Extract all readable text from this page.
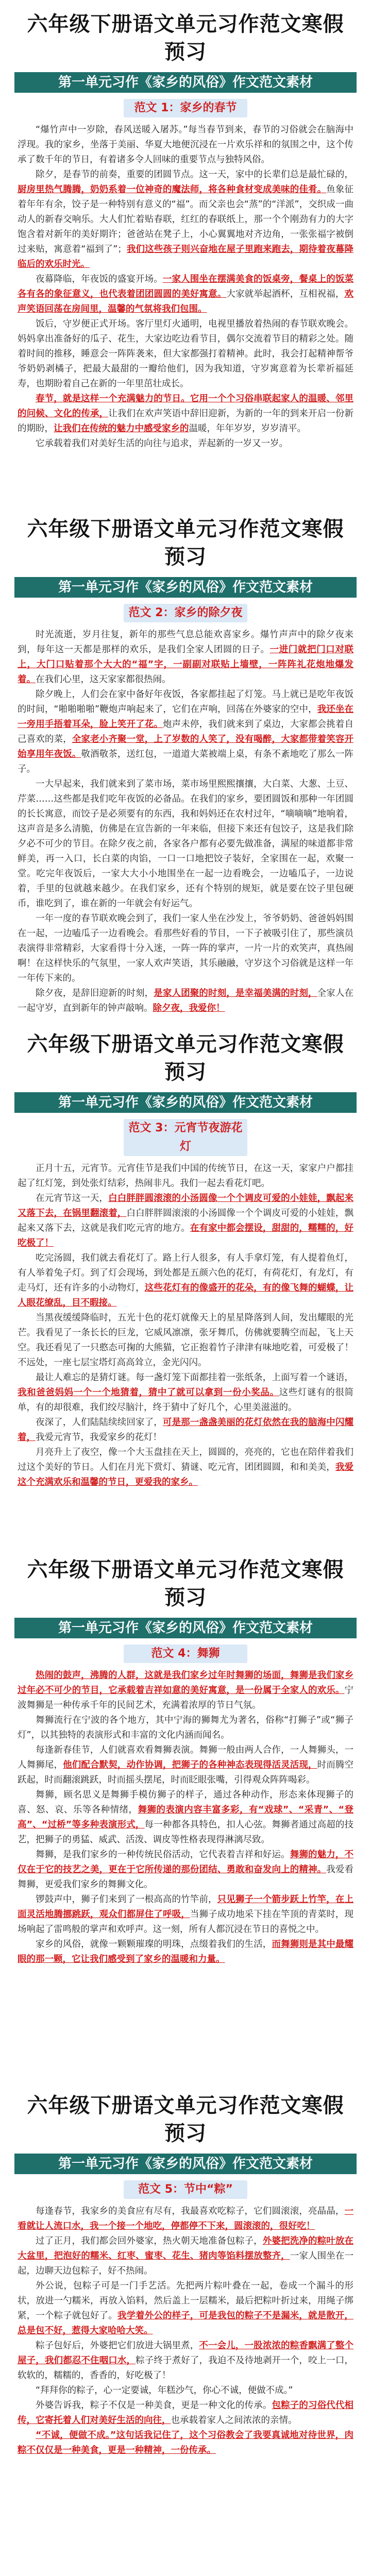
六年级下册语文单元习作范文寒假预习
第一单元习作《家乡的风俗》作文范文素材
范文 1：家乡的春节

“爆竹声中一岁除，春风送暖入屠苏。”每当春节到来，春节的习俗就会在脑海中浮现。我的家乡，坐落于美丽、华夏大地便沉浸在一片欢乐祥和的氛围之中，这个传承了数千年的节日，有着诸多令人回味的重要节点与独特风俗。

除夕，是春节的前奏，重要的团圆节点。这一天，家中的长辈们总是最忙碌的，厨房里热气腾腾，奶奶系着一位神奇的魔法师，将各种食材变成美味的佳肴。鱼象征着年年有余，饺子是一种特别有意义的“福”。而父亲也会“蒸”的“洋派”，交织成一曲动人的新春交响乐。大人们忙着贴春联，红红的春联纸上，那一个个刚劲有力的大字饱含着对新年的美好期许；爸爸站在凳子上，小心翼翼地对齐边角，一张张福字被倒过来贴，寓意着“福到了”；我们这些孩子则兴奋地在屋子里跑来跑去，期待着夜幕降临后的欢乐时光。

夜幕降临，年夜饭的盛宴开场。一家人围坐在摆满美食的饭桌旁，餐桌上的饭菜各有各的象征意义，也代表着团团圆圆的美好寓意。大家就举起酒杯，互相祝福，欢声笑语回荡在房间里，温馨的气氛将我们包围。

饭后，守岁便正式开场。客厅里灯火通明，电视里播放着热闹的春节联欢晚会。妈妈拿出准备好的瓜子、花生，大家边吃边看节目，偶尔交流着节目的精彩之处。随着时间的推移，睡意会一阵阵袭来，但大家都强打着精神。此时，我会打起精神帮爷爷奶奶剥橘子，把最大最甜的一瓣给他们，因为我知道，守岁寓意着为长辈祈福延寿，也期盼着自己在新的一年里茁壮成长。

春节，就是这样一个充满魅力的节日。它用一个个习俗串联起家人的温暖、邻里的问候、文化的传承，让我们在欢声笑语中辞旧迎新，为新的一年的到来开启一份新的期盼，让我们在传统的魅力中感受家乡的温暖，年年岁岁，岁岁清平。

它承载着我们对美好生活的向往与追求，弄起新的一岁又一岁。

六年级下册语文单元习作范文寒假预习
第一单元习作《家乡的风俗》作文范文素材
范文 2：家乡的除夕夜

时光流逝，岁月往复，新年的那些气息总能欢喜家乡。爆竹声声中的除夕夜来到，每年这一天都是那样的欢乐，是我们全家人团圆的日子。一进门就把门口对联上，大门口贴着那个大大的“福”字，一副副对联贴上墙壁，一阵阵礼花炮地爆发着。在我们心里，这天家家都很热闹。

除夕晚上，人们会在家中备好年夜饭，各家都挂起了灯笼。马上就已是吃年夜饭的时间，“啪啪啪啪”鞭炮声响起来了，它们在声响，回荡在外婆家的空中，我还坐在一旁用手捂着耳朵，脸上笑开了花。炮声未停，我们就来到了桌边，大家都会挑着自己喜欢的菜，全家老小齐聚一堂，上了岁数的人笑了，没有喝醉，大家都带着笑容开始享用年夜饭。敬酒敬茶，送红包，一道道大菜被端上桌，有条不紊地吃了那么一阵子。

一大早起来，我们就来到了菜市场，菜市场里熙熙攘攘，大白菜、大葱、土豆、芹菜……这些都是我们吃年夜饭的必备品。在我们的家乡，要团圆饭和那种一年团圆的长长寓意，而饺子是必须要有的东西，我和妈妈还在农村过年，“嘀嘀嘀”地响着，这声音是多么清脆，仿佛是在宣告新的一年来临，但接下来还有包饺子，这是我们除夕必不可少的节目。在除夕夜之前，各家各户都有必要先做准备，满屋的味道都非常鲜美，再一入口，长白菜的肉馅，一口一口地把饺子装好，全家围在一起，欢聚一堂。吃完年夜饭后，一家大大小小地围坐在一起一边看晚会，一边嗑瓜子，一边说着，手里的包就越来越少。在我们家乡，还有个特别的规矩，就是要在饺子里包硬币，谁吃到了，谁在新的一年就会有好运气。

一年一度的春节联欢晚会到了，我们一家人坐在沙发上，爷爷奶奶、爸爸妈妈围在一起，一边嗑瓜子一边看晚会。看那些好看的节目，一下子被吸引住了，那些演员表演得非常精彩，大家看得十分入迷，一阵一阵的掌声，一片一片的欢笑声，真热闹啊！在这样快乐的气氛里，一家人欢声笑语，其乐融融，守岁这个习俗就是这样一年一年传下来的。

除夕夜，是辞旧迎新的时刻，是家人团聚的时刻，是幸福美满的时刻，全家人在一起守岁，直到新年的钟声敲响。除夕夜，我爱你！

六年级下册语文单元习作范文寒假预习
第一单元习作《家乡的风俗》作文范文素材
范文 3：元宵节夜游花灯

正月十五，元宵节。元宵佳节是我们中国的传统节日，在这一天，家家户户都挂起了红灯笼，到处张灯结彩，热闹非凡。我们一起去看花灯吧。

在元宵节这一天，白白胖胖圆滚滚的小汤圆像一个个调皮可爱的小娃娃，飘起来又落下去，在锅里翻滚着，白白胖胖圆滚滚的小汤圆像一个个调皮可爱的小娃娃，飘起来又落下去，这就是我们吃元宵的地方。在有家中都会摆设，甜甜的，糯糯的，好吃极了！

吃完汤圆，我们就去看花灯了。路上行人很多，有人手拿灯笼，有人提着鱼灯，有人举着兔子灯。到了灯会现场，到处都是五颜六色的花灯，有荷花灯，有龙灯，有走马灯，还有许多的小动物灯，这些花灯有的像盛开的花朵，有的像飞舞的蝴蝶，让人眼花缭乱，目不暇接。

当黑夜缓缓降临时，五光十色的花灯就像天上的星星降落到人间，发出耀眼的光芒。我看见了一条长长的巨龙，它威风凛凛，张牙舞爪，仿佛就要腾空而起，飞上天空。我还看见了一只憨态可掬的大熊猫，它正抱着竹子津津有味地吃着，可爱极了！不远处，一座七层宝塔灯高高耸立，金光闪闪。

最让人难忘的是猜灯谜。每一盏灯笼下面都挂着一张纸条，上面写着一个谜语，我和爸爸妈妈一个一个地猜着，猜中了就可以拿到一份小奖品。这些灯谜有的很简单，有的却很难，我们绞尽脑汁，终于猜中了好几个，心里美滋滋的。

夜深了，人们陆陆续续回家了，可是那一盏盏美丽的花灯依然在我的脑海中闪耀着，我爱元宵节，我爱家乡的花灯！

月亮升上了夜空，像一个大玉盘挂在天上，圆圆的，亮亮的，它也在陪伴着我们过这个美好的节日。人们在月光下赏灯、猜谜、吃元宵，团团圆圆，和和美美，我爱这个充满欢乐和温馨的节日，更爱我的家乡。

六年级下册语文单元习作范文寒假预习
第一单元习作《家乡的风俗》作文范文素材
范文 4：舞狮

热闹的鼓声，沸腾的人群，这就是我们家乡过年时舞狮的场面，舞狮是我们家乡过年必不可少的节目，它承载着吉祥如意的美好寓意，是一份属于全家人的欢乐。宁波舞狮是一种传承千年的民间艺术，充满着浓厚的节日气氛。

舞狮流行在宁波的各个地方，其中宁海的狮舞尤为著名，俗称“打狮子”或“狮子灯”，以其独特的表演形式和丰富的文化内涵而闻名。

每逢新春佳节，人们就喜欢看舞狮表演。舞狮一般由两人合作，一人舞狮头，一人舞狮尾，他们配合默契，动作协调，把狮子的各种神态表现得活灵活现，时而腾空跃起，时而翻滚跳跃，时而摇头摆尾，时而眨眼张嘴，引得观众阵阵喝彩。

舞狮，顾名思义是舞狮手模仿狮子的样子，通过各种动作，形态来体现狮子的喜、怒、哀、乐等各种情绪，舞狮的表演内容丰富多彩，有“戏球”、“采青”、“登高”、“过桥”等多种表演形式，每一种都各具特色，扣人心弦。舞狮者通过高超的技艺，把狮子的勇猛、威武、活泼、调皮等性格表现得淋漓尽致。

舞狮，是我们家乡的一种传统民俗活动，它代表着吉祥和好运。舞狮的魅力，不仅在于它的技艺之美，更在于它所传递的那份团结、勇敢和奋发向上的精神。我爱看舞狮，更爱我们家乡的舞狮文化。

锣鼓声中，狮子们来到了一根高高的竹竿前，只见狮子一个箭步跃上竹竿，在上面灵活地腾挪跳跃，观众们都屏住了呼吸，当狮子成功地采下挂在竿顶的青菜时，现场响起了雷鸣般的掌声和欢呼声。这一刻，所有人都沉浸在节日的喜悦之中。

家乡的风俗，就像一颗颗璀璨的明珠，点缀着我们的生活，而舞狮则是其中最耀眼的那一颗，它让我们感受到了家乡的温暖和力量。

六年级下册语文单元习作范文寒假预习
第一单元习作《家乡的风俗》作文范文素材
范文 5：节中“粽”

每逢春节，我家乡的美食应有尽有，我最喜欢吃粽子，它们圆滚滚，亮晶晶，一看就让人流口水，我一个接一个地吃，停都停不下来，圆滚滚的，很好吃！

过了正月，我们都会回外婆家，热火朝天地准备包粽子，外婆把洗净的粽叶放在大盆里，把泡好的糯米、红枣、蜜枣、花生、猪肉等馅料摆放整齐，一家人围坐在一起，边聊天边包粽子，好不热闹。

外公说，包粽子可是一门手艺活。先把两片粽叶叠在一起，卷成一个漏斗的形状，放进一勺糯米，再放入馅料，然后盖上一层糯米，最后把粽叶折过来，用绳子绑紧，一个粽子就包好了。我学着外公的样子，可是我包的粽子不是漏米，就是散开，总是包不好，惹得大家哈哈大笑。

粽子包好后，外婆把它们放进大锅里煮，不一会儿，一股浓浓的粽香飘满了整个屋子，我们都忍不住咽口水，粽子终于煮好了，我迫不及待地剥开一个，咬上一口，软软的，糯糯的，香香的，好吃极了！

“拜拜你的粽子，心一定要诚，年糕沙气，你心不诚，便做不成。”

外婆告诉我，粽子不仅是一种美食，更是一种文化的传承。包粽子的习俗代代相传，它寄托着人们对美好生活的向往，也承载着家人之间浓浓的亲情。

“不诚，便做不成。”这句话我记住了，这个习俗教会了我要真诚地对待世界，肉粽不仅仅是一种美食，更是一种精神，一份传承。
